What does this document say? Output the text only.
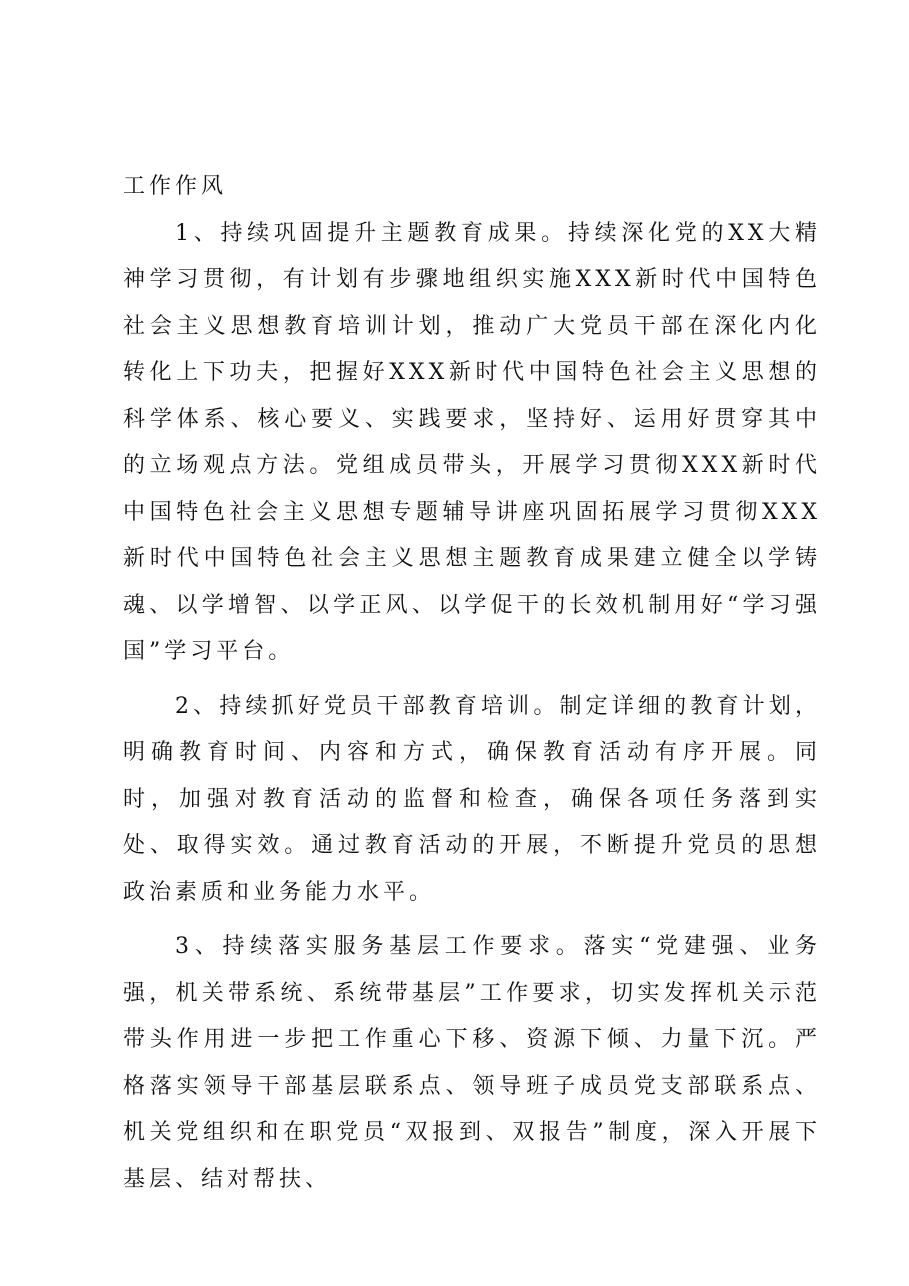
工作作风

1、持续巩固提升主题教育成果。持续深化党的XX大精神学习贯彻，有计划有步骤地组织实施XXX新时代中国特色社会主义思想教育培训计划，推动广大党员干部在深化内化转化上下功夫，把握好XXX新时代中国特色社会主义思想的科学体系、核心要义、实践要求，坚持好、运用好贯穿其中的立场观点方法。党组成员带头，开展学习贯彻XXX新时代中国特色社会主义思想专题辅导讲座巩固拓展学习贯彻XXX新时代中国特色社会主义思想主题教育成果建立健全以学铸魂、以学增智、以学正风、以学促干的长效机制用好“学习强国”学习平台。

2、持续抓好党员干部教育培训。制定详细的教育计划，明确教育时间、内容和方式，确保教育活动有序开展。同时，加强对教育活动的监督和检查，确保各项任务落到实处、取得实效。通过教育活动的开展，不断提升党员的思想政治素质和业务能力水平。

3、持续落实服务基层工作要求。落实“党建强、业务强，机关带系统、系统带基层”工作要求，切实发挥机关示范带头作用进一步把工作重心下移、资源下倾、力量下沉。严格落实领导干部基层联系点、领导班子成员党支部联系点、机关党组织和在职党员“双报到、双报告”制度，深入开展下基层、结对帮扶、
